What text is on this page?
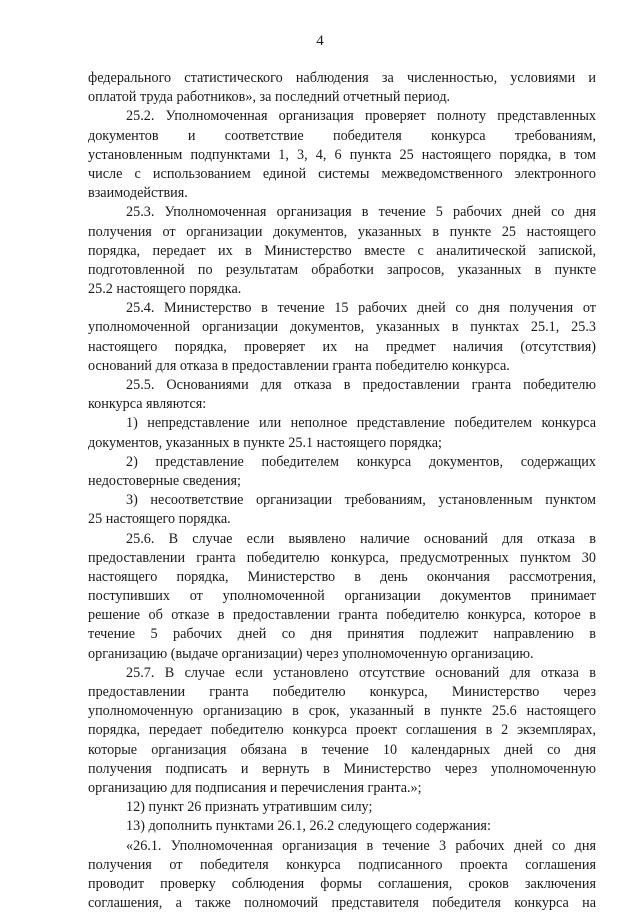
4
федерального статистического наблюдения за численностью, условиями и
оплатой труда работников», за последний отчетный период.
25.2. Уполномоченная организация проверяет полноту представленных
документов и соответствие победителя конкурса требованиям,
установленным подпунктами 1, 3, 4, 6 пункта 25 настоящего порядка, в том
числе с использованием единой системы межведомственного электронного
взаимодействия.
25.3. Уполномоченная организация в течение 5 рабочих дней со дня
получения от организации документов, указанных в пункте 25 настоящего
порядка, передает их в Министерство вместе с аналитической запиской,
подготовленной по результатам обработки запросов, указанных в пункте
25.2 настоящего порядка.
25.4. Министерство в течение 15 рабочих дней со дня получения от
уполномоченной организации документов, указанных в пунктах 25.1, 25.3
настоящего порядка, проверяет их на предмет наличия (отсутствия)
оснований для отказа в предоставлении гранта победителю конкурса.
25.5. Основаниями для отказа в предоставлении гранта победителю
конкурса являются:
1) непредставление или неполное представление победителем конкурса
документов, указанных в пункте 25.1 настоящего порядка;
2) представление победителем конкурса документов, содержащих
недостоверные сведения;
3) несоответствие организации требованиям, установленным пунктом
25 настоящего порядка.
25.6. В случае если выявлено наличие оснований для отказа в
предоставлении гранта победителю конкурса, предусмотренных пунктом 30
настоящего порядка, Министерство в день окончания рассмотрения,
поступивших от уполномоченной организации документов принимает
решение об отказе в предоставлении гранта победителю конкурса, которое в
течение 5 рабочих дней со дня принятия подлежит направлению в
организацию (выдаче организации) через уполномоченную организацию.
25.7. В случае если установлено отсутствие оснований для отказа в
предоставлении гранта победителю конкурса, Министерство через
уполномоченную организацию в срок, указанный в пункте 25.6 настоящего
порядка, передает победителю конкурса проект соглашения в 2 экземплярах,
которые организация обязана в течение 10 календарных дней со дня
получения подписать и вернуть в Министерство через уполномоченную
организацию для подписания и перечисления гранта.»;
12) пункт 26 признать утратившим силу;
13) дополнить пунктами 26.1, 26.2 следующего содержания:
«26.1. Уполномоченная организация в течение 3 рабочих дней со дня
получения от победителя конкурса подписанного проекта соглашения
проводит проверку соблюдения формы соглашения, сроков заключения
соглашения, а также полномочий представителя победителя конкурса на
